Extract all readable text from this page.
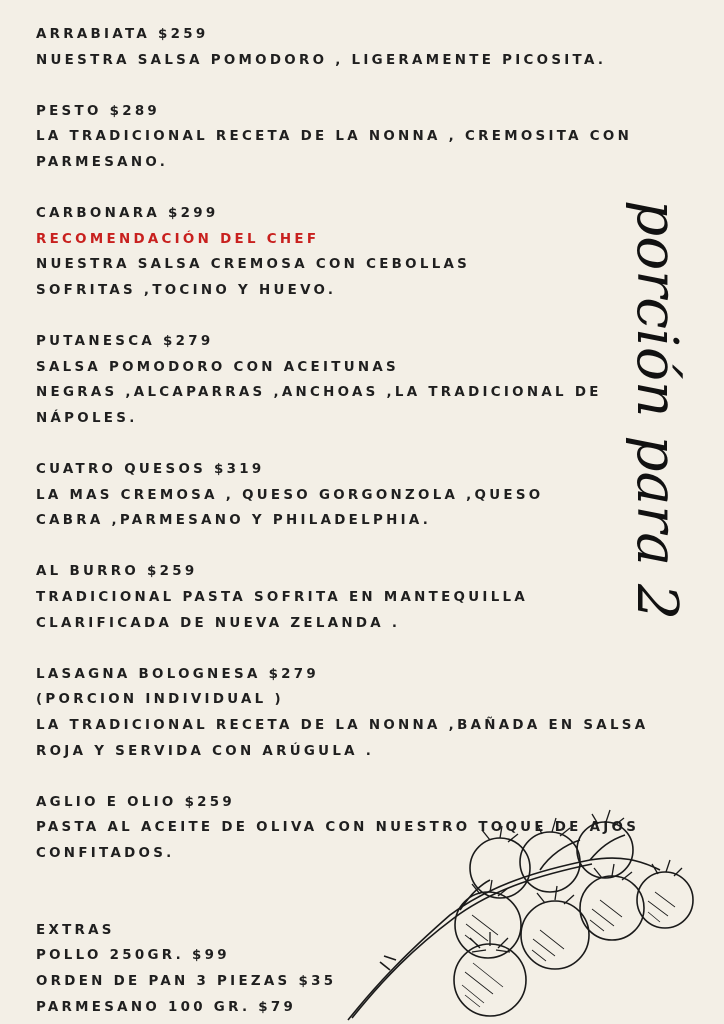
ARRABIATA $259
NUESTRA SALSA POMODORO , LIGERAMENTE PICOSITA.
PESTO $289
LA TRADICIONAL RECETA DE LA NONNA , CREMOSITA CON
PARMESANO.
CARBONARA $299
RECOMENDACIÓN DEL CHEF
NUESTRA SALSA CREMOSA CON CEBOLLAS
SOFRITAS ,TOCINO Y HUEVO.
PUTANESCA $279
SALSA POMODORO CON ACEITUNAS
NEGRAS ,ALCAPARRAS ,ANCHOAS ,LA TRADICIONAL DE
NÁPOLES.
CUATRO QUESOS $319
LA MAS CREMOSA , QUESO GORGONZOLA ,QUESO
CABRA ,PARMESANO Y PHILADELPHIA.
AL BURRO $259
TRADICIONAL PASTA SOFRITA EN MANTEQUILLA
CLARIFICADA DE NUEVA ZELANDA .
LASAGNA BOLOGNESA $279
(PORCION INDIVIDUAL )
LA TRADICIONAL RECETA DE LA NONNA ,BAÑADA EN SALSA
ROJA Y SERVIDA CON ARÚGULA .
AGLIO E OLIO $259
PASTA AL ACEITE DE OLIVA CON NUESTRO TOQUE DE AJOS
CONFITADOS.
EXTRAS
POLLO 250GR. $99
ORDEN DE PAN 3 PIEZAS $35
PARMESANO 100 GR. $79
porción para 2
